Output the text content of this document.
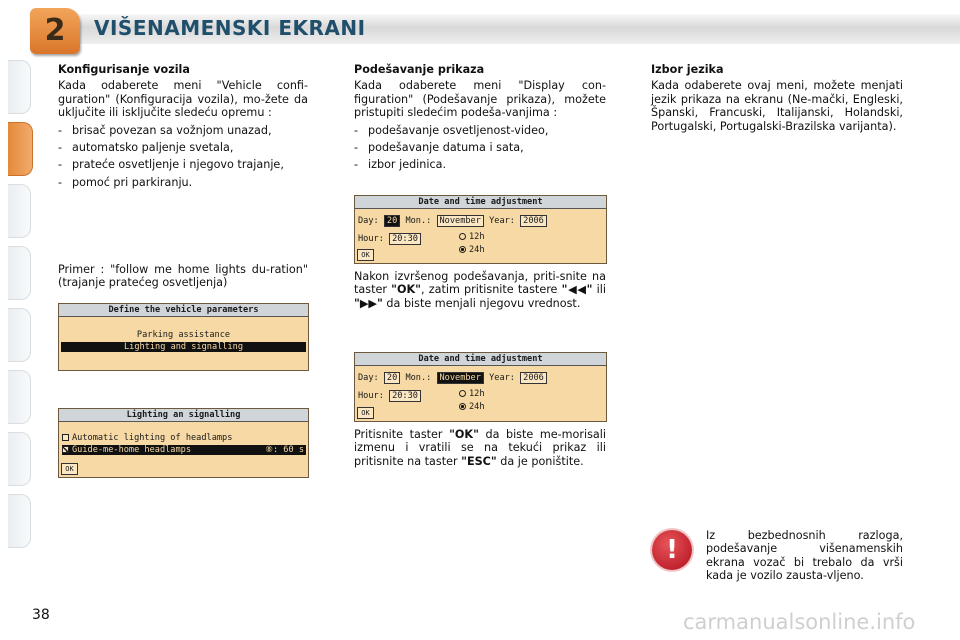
2	VIŠENAMENSKI EKRANI

Konfigurisanje vozila

Kada odaberete meni "Vehicle confi-guration" (Konfiguracija vozila), mo-žete da uključite ili isključite sledeću opremu :

- brisač povezan sa vožnjom unazad,
- automatsko paljenje svetala,
- prateće osvetljenje i njegovo trajanje,
- pomoć pri parkiranju.

Primer : "follow me home lights du-ration" (trajanje pratećeg osvetljenja)

Define the vehicle parameters
Parking assistance
Lighting and signalling
Lighting an signalling
Automatic lighting of headlamps
Guide-me-home headlamps	⑧: 60 s
OK

Podešavanje prikaza

Kada odaberete meni "Display con-figuration" (Podešavanje prikaza), možete pristupiti sledećim podeša-vanjima :

- podešavanje osvetljenost-video,
- podešavanje datuma i sata,
- izbor jedinica.
Date and time adjustment
Day: 20 Mon.: November Year: 2006
Hour: 20:30	12h
24h
OK

Nakon izvršenog podešavanja, priti-snite na taster "OK", zatim pritisnite tastere "◀◀" ili "▶▶" da biste menjali njegovu vrednost.

Date and time adjustment
Day: 20 Mon.: November Year: 2006
Hour: 20:30	12h
24h
OK

Pritisnite taster "OK" da biste me-morisali izmenu i vratili se na tekući prikaz ili pritisnite na taster "ESC" da je poništite.

Izbor jezika

Kada odaberete ovaj meni, možete menjati jezik prikaza na ekranu (Ne-mački, Engleski, Španski, Francuski, Italijanski, Holandski, Portugalski, Portugalski-Brazilska varijanta).

!	Iz bezbednosnih razloga, podešavanje višenamenskih ekrana vozač bi trebalo da vrši kada je vozilo zausta-vljeno.

38	carmanualsonline.info
